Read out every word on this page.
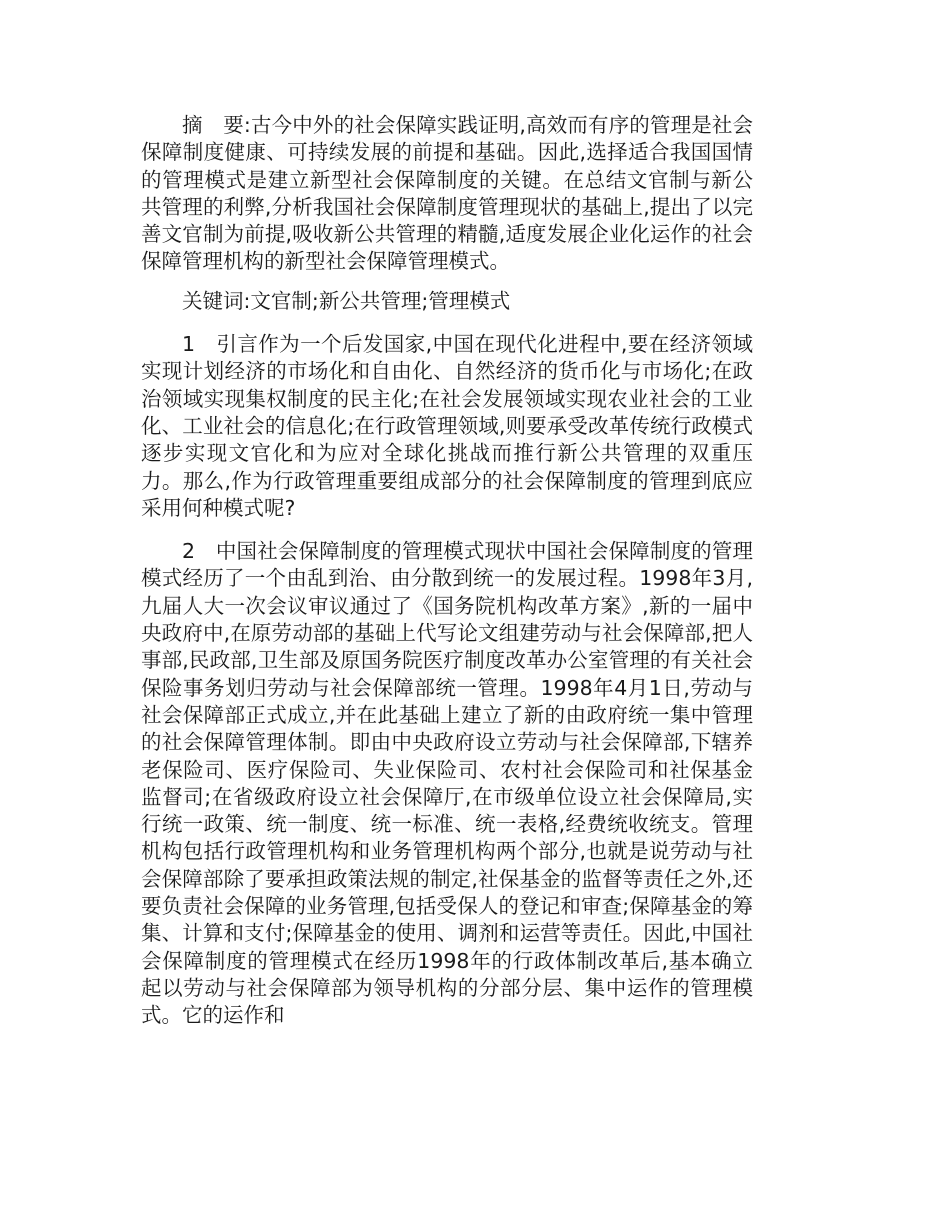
摘　要:古今中外的社会保障实践证明,高效而有序的管理是社会保障制度健康、可持续发展的前提和基础。因此,选择适合我国国情的管理模式是建立新型社会保障制度的关键。在总结文官制与新公共管理的利弊,分析我国社会保障制度管理现状的基础上,提出了以完善文官制为前提,吸收新公共管理的精髓,适度发展企业化运作的社会保障管理机构的新型社会保障管理模式。

关键词:文官制;新公共管理;管理模式

1　引言作为一个后发国家,中国在现代化进程中,要在经济领域实现计划经济的市场化和自由化、自然经济的货币化与市场化;在政治领域实现集权制度的民主化;在社会发展领域实现农业社会的工业化、工业社会的信息化;在行政管理领域,则要承受改革传统行政模式逐步实现文官化和为应对全球化挑战而推行新公共管理的双重压力。那么,作为行政管理重要组成部分的社会保障制度的管理到底应采用何种模式呢?

2　中国社会保障制度的管理模式现状中国社会保障制度的管理模式经历了一个由乱到治、由分散到统一的发展过程。1998年3月,九届人大一次会议审议通过了《国务院机构改革方案》,新的一届中央政府中,在原劳动部的基础上代写论文组建劳动与社会保障部,把人事部,民政部,卫生部及原国务院医疗制度改革办公室管理的有关社会保险事务划归劳动与社会保障部统一管理。1998年4月1日,劳动与社会保障部正式成立,并在此基础上建立了新的由政府统一集中管理的社会保障管理体制。即由中央政府设立劳动与社会保障部,下辖养老保险司、医疗保险司、失业保险司、农村社会保险司和社保基金监督司;在省级政府设立社会保障厅,在市级单位设立社会保障局,实行统一政策、统一制度、统一标准、统一表格,经费统收统支。管理机构包括行政管理机构和业务管理机构两个部分,也就是说劳动与社会保障部除了要承担政策法规的制定,社保基金的监督等责任之外,还要负责社会保障的业务管理,包括受保人的登记和审查;保障基金的筹集、计算和支付;保障基金的使用、调剂和运营等责任。因此,中国社会保障制度的管理模式在经历1998年的行政体制改革后,基本确立起以劳动与社会保障部为领导机构的分部分层、集中运作的管理模式。它的运作和
